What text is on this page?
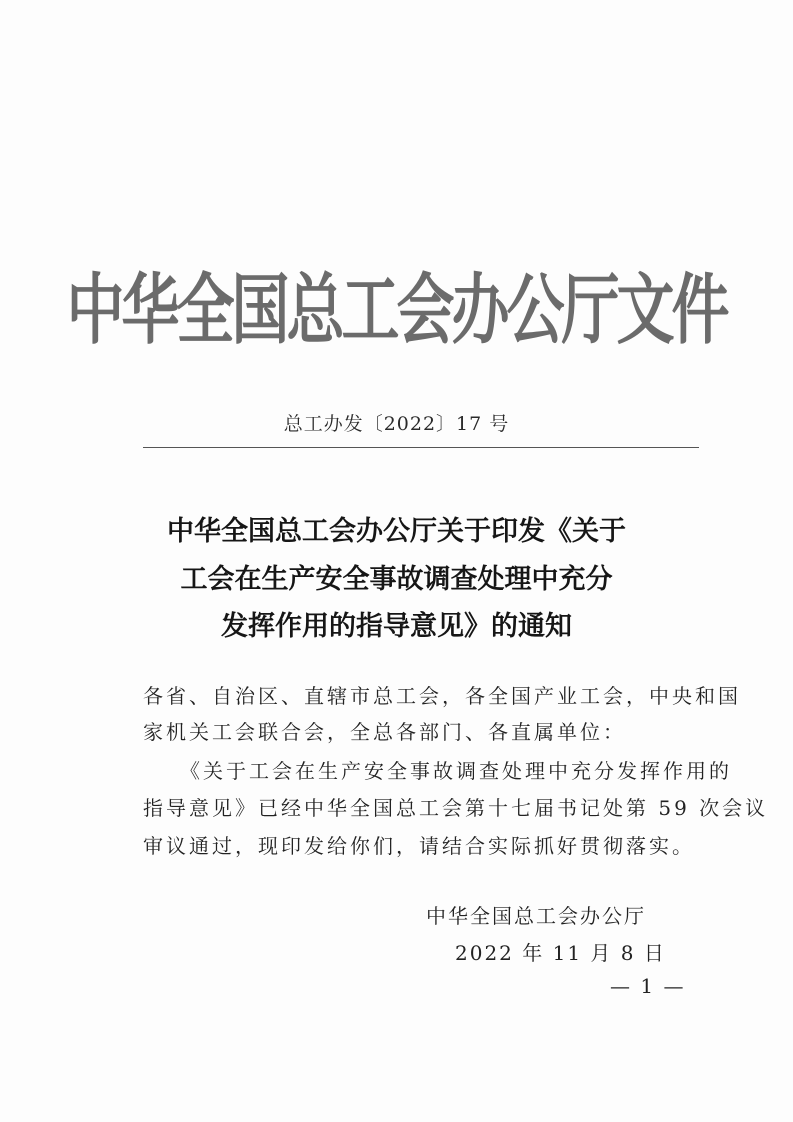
中华全国总工会办公厅文件
总工办发〔2022〕17 号
中华全国总工会办公厅关于印发《关于
工会在生产安全事故调查处理中充分
发挥作用的指导意见》的通知
各省、自治区、直辖市总工会，各全国产业工会，中央和国
家机关工会联合会，全总各部门、各直属单位：
《关于工会在生产安全事故调查处理中充分发挥作用的
指导意见》已经中华全国总工会第十七届书记处第 59 次会议
审议通过，现印发给你们，请结合实际抓好贯彻落实。
中华全国总工会办公厅
2022 年 11 月 8 日
— 1 —
